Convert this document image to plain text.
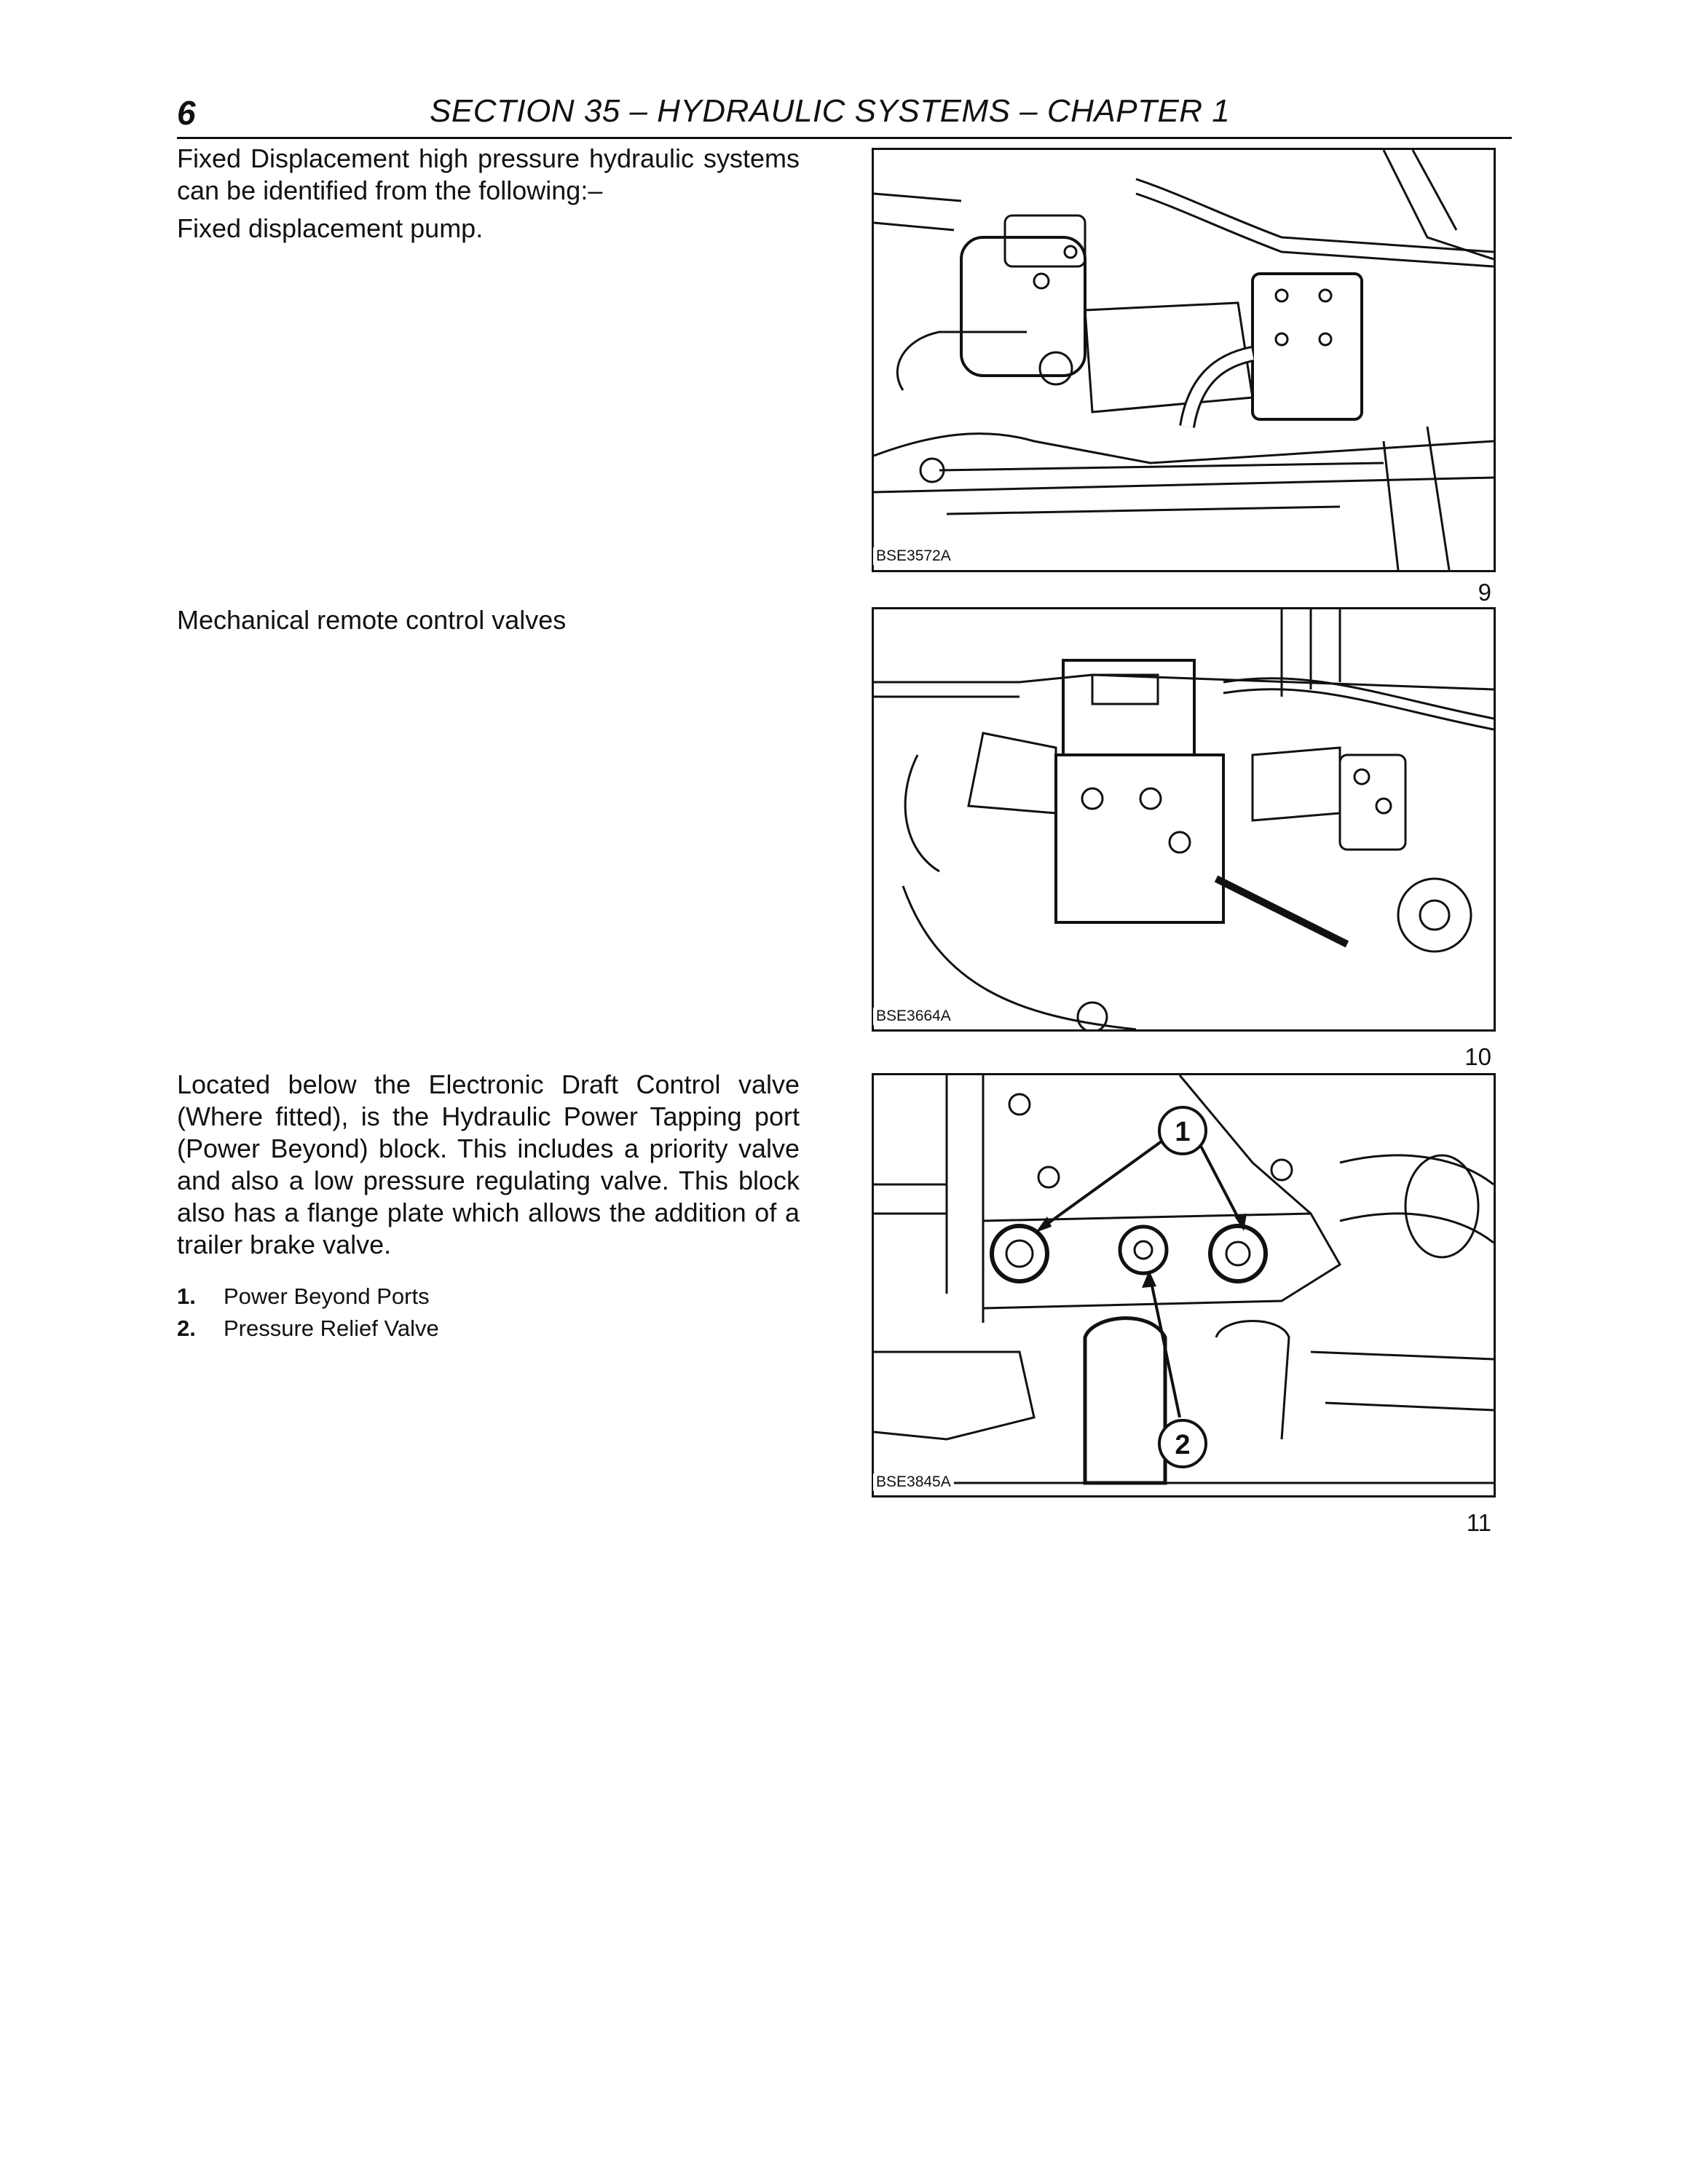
6	SECTION 35 – HYDRAULIC SYSTEMS – CHAPTER 1
Fixed Displacement high pressure hydraulic systems can be identified from the following:–
Fixed displacement pump.
Mechanical remote control valves
Located below the Electronic Draft Control valve (Where fitted), is the Hydraulic Power Tapping port (Power Beyond) block. This includes a priority valve and also a low pressure regulating valve. This block also has a flange plate which allows the addition of a trailer brake valve.
1. Power Beyond Ports
2. Pressure Relief Valve
BSE3572A
9
BSE3664A
10
1
2
BSE3845A
11
